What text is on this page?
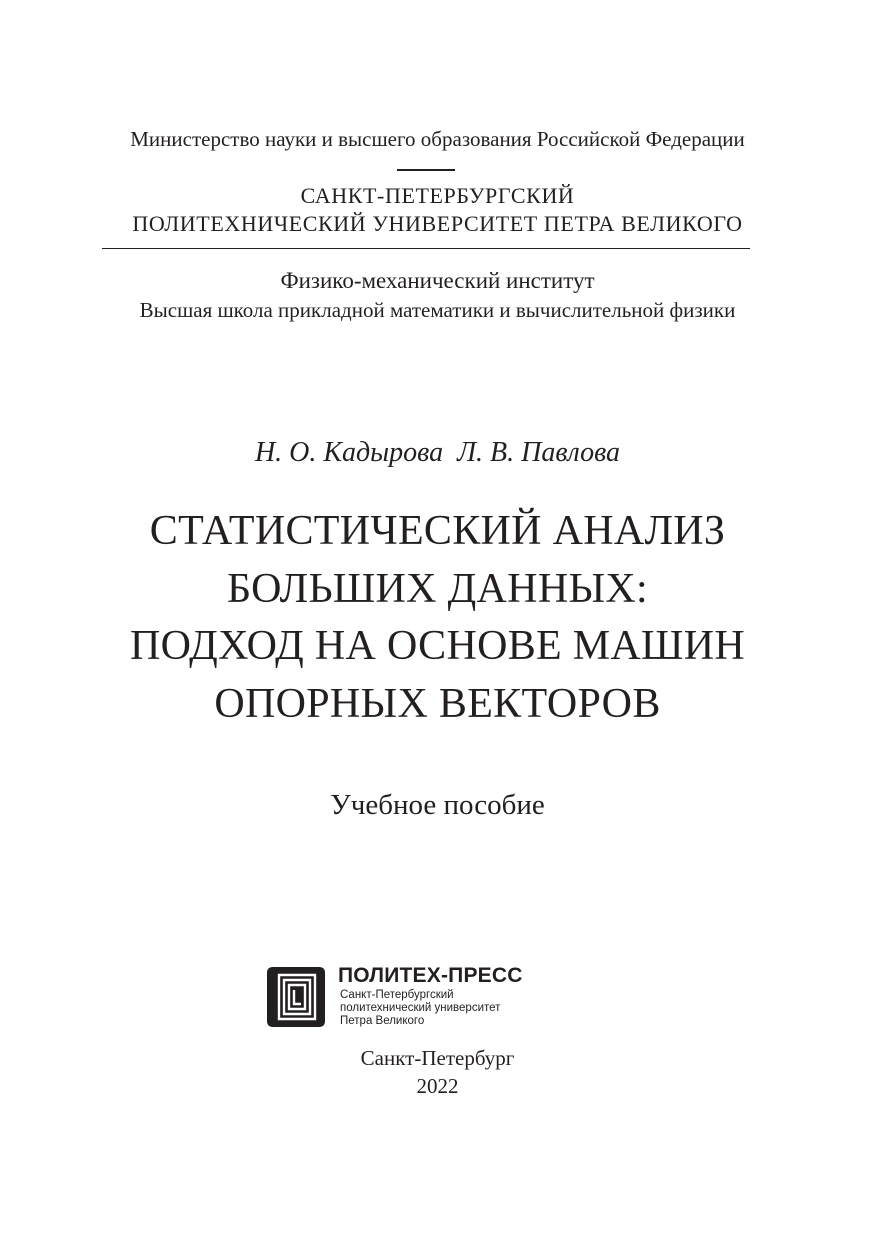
Министерство науки и высшего образования Российской Федерации
САНКТ-ПЕТЕРБУРГСКИЙ
ПОЛИТЕХНИЧЕСКИЙ УНИВЕРСИТЕТ ПЕТРА ВЕЛИКОГО
Физико-механический институт
Высшая школа прикладной математики и вычислительной физики
Н. О. Кадырова  Л. В. Павлова
СТАТИСТИЧЕСКИЙ АНАЛИЗ
БОЛЬШИХ ДАННЫХ:
ПОДХОД НА ОСНОВЕ МАШИН
ОПОРНЫХ ВЕКТОРОВ
Учебное пособие
ПОЛИТЕХ-ПРЕСС
Санкт-Петербургский
политехнический университет
Петра Великого
Санкт-Петербург
2022
